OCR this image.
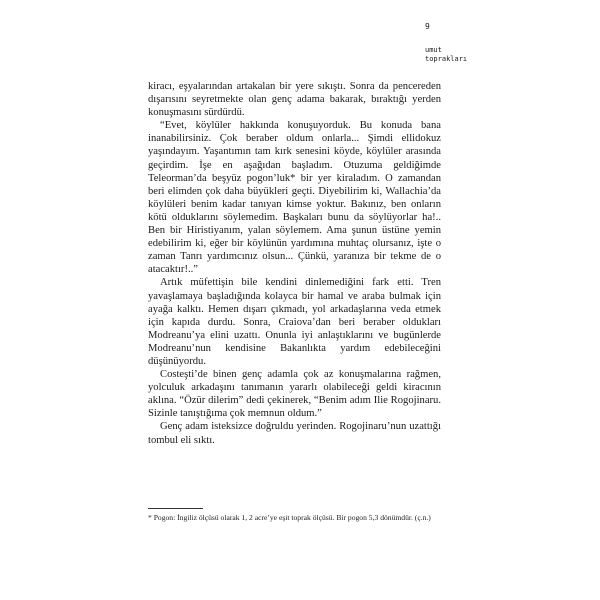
9
umut
toprakları

kiracı, eşyalarından artakalan bir yere sıkıştı. Sonra da pencereden dışarısını seyretmekte olan genç adama bakarak, bıraktığı yerden konuşmasını sürdürdü.

“Evet, köylüler hakkında konuşuyorduk. Bu konuda bana inanabilirsiniz. Çok beraber oldum onlarla... Şimdi ellidokuz yaşındayım. Yaşantımın tam kırk senesini köyde, köylüler arasında geçirdim. İşe en aşağıdan başladım. Otuzuma geldiğimde Teleorman’da beşyüz pogon’luk* bir yer kiraladım. O zamandan beri elimden çok daha büyükleri geçti. Diyebilirim ki, Wallachia’da köylüleri benim kadar tanıyan kimse yoktur. Bakınız, ben onların kötü olduklarını söylemedim. Başkaları bunu da söylüyorlar ha!.. Ben bir Hiristiyanım, yalan söylemem. Ama şunun üstüne yemin edebilirim ki, eğer bir köylünün yardımına muhtaç olursanız, işte o zaman Tanrı yardımcınız olsun... Çünkü, yaranıza bir tekme de o atacaktır!..”

Artık müfettişin bile kendini dinlemediğini fark etti. Tren yavaşlamaya başladığında kolayca bir hamal ve araba bulmak için ayağa kalktı. Hemen dışarı çıkmadı, yol arkadaşlarına veda etmek için kapıda durdu. Sonra, Craiova’dan beri beraber oldukları Modreanu’ya elini uzattı. Onunla iyi anlaştıklarını ve bugünlerde Modreanu’nun kendisine Bakanlıkta yardım edebileceğini düşünüyordu.

Costeşti’de binen genç adamla çok az konuşmalarına rağmen, yolculuk arkadaşını tanımanın yararlı olabileceği geldi kiracının aklına. “Özür dilerim” dedi çekinerek, “Benim adım Ilie Rogojinaru. Sizinle tanıştığıma çok memnun oldum.”

Genç adam isteksizce doğruldu yerinden. Rogojinaru’nun uzattığı tombul eli sıktı.

* Pogon: İngiliz ölçüsü olarak 1, 2 acre’ye eşit toprak ölçüsü. Bir pogon 5,3 dönümdür. (ç.n.)
